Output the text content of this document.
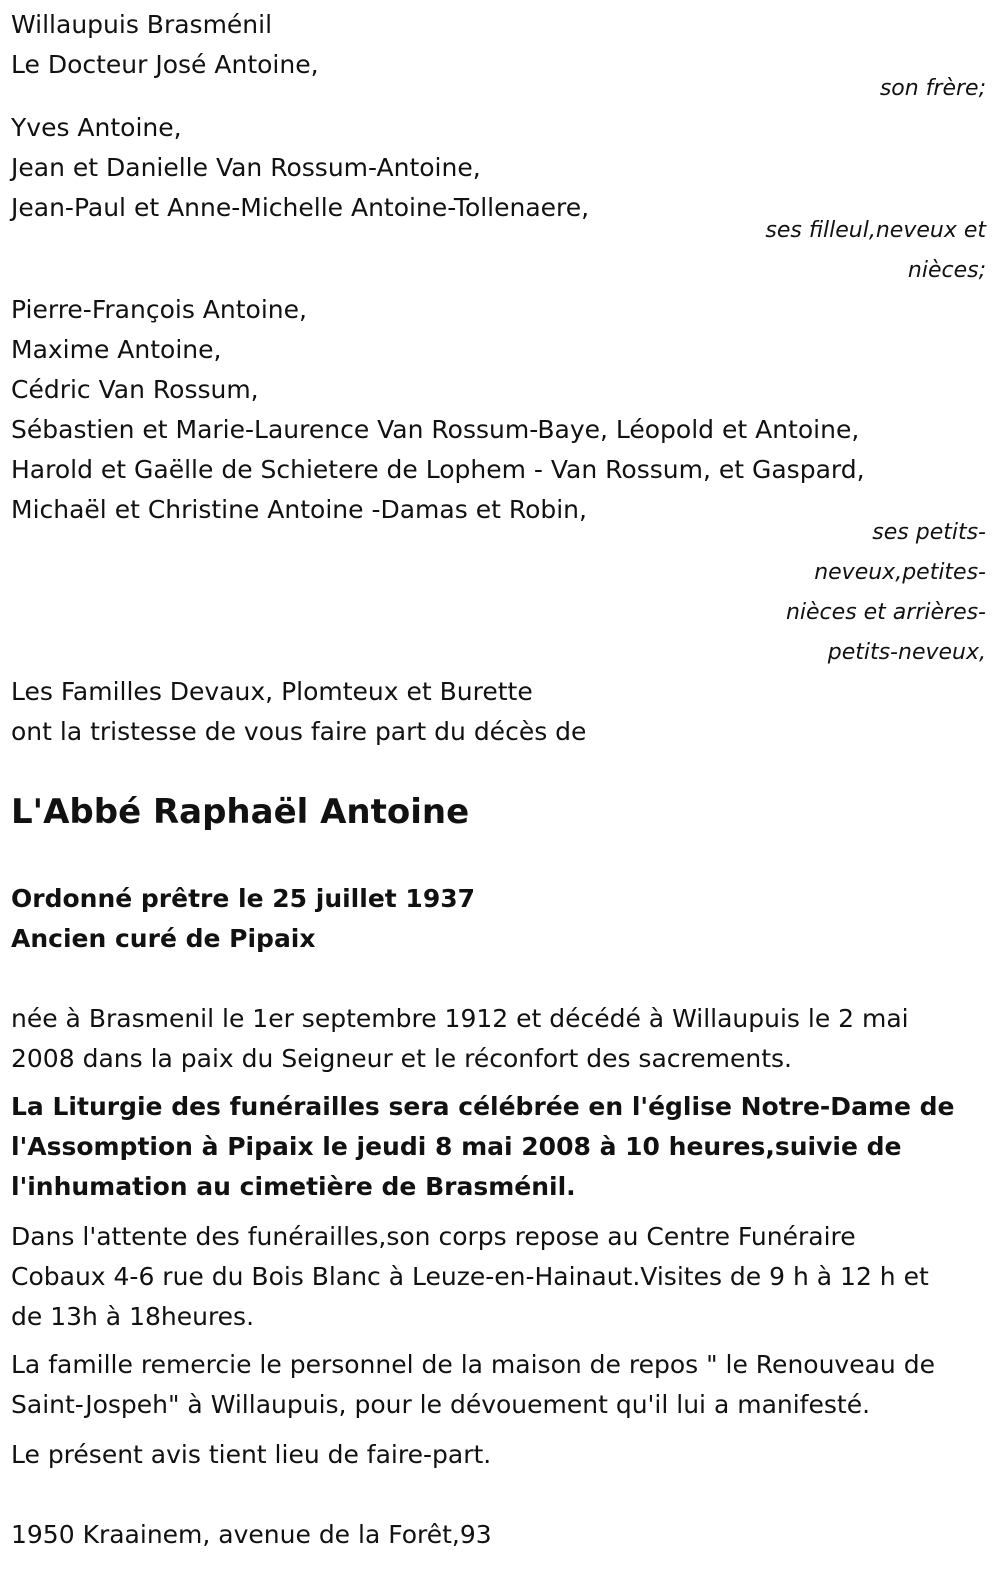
Willaupuis Brasménil
Le Docteur José Antoine,
son frère;
Yves Antoine,
Jean et Danielle Van Rossum-Antoine,
Jean-Paul et Anne-Michelle Antoine-Tollenaere,
ses filleul,neveux et
nièces;
Pierre-François Antoine,
Maxime Antoine,
Cédric Van Rossum,
Sébastien et Marie-Laurence Van Rossum-Baye, Léopold et Antoine,
Harold et Gaëlle de Schietere de Lophem - Van Rossum, et Gaspard,
Michaël et Christine Antoine -Damas et Robin,
ses petits-
neveux,petites-
nièces et arrières-
petits-neveux,
Les Familles Devaux, Plomteux et Burette
ont la tristesse de vous faire part du décès de
L'Abbé Raphaël Antoine
Ordonné prêtre le 25 juillet 1937
Ancien curé de Pipaix
née à Brasmenil le 1er septembre 1912 et décédé à Willaupuis le 2 mai
2008 dans la paix du Seigneur et le réconfort des sacrements.
La Liturgie des funérailles sera célébrée en l'église Notre-Dame de
l'Assomption à Pipaix le jeudi 8 mai 2008 à 10 heures,suivie de
l'inhumation au cimetière de Brasménil.
Dans l'attente des funérailles,son corps repose au Centre Funéraire
Cobaux 4-6 rue du Bois Blanc à Leuze-en-Hainaut.Visites de 9 h à 12 h et
de 13h à 18heures.
La famille remercie le personnel de la maison de repos " le Renouveau de
Saint-Jospeh" à Willaupuis, pour le dévouement qu'il lui a manifesté.
Le présent avis tient lieu de faire-part.
1950 Kraainem, avenue de la Forêt,93
